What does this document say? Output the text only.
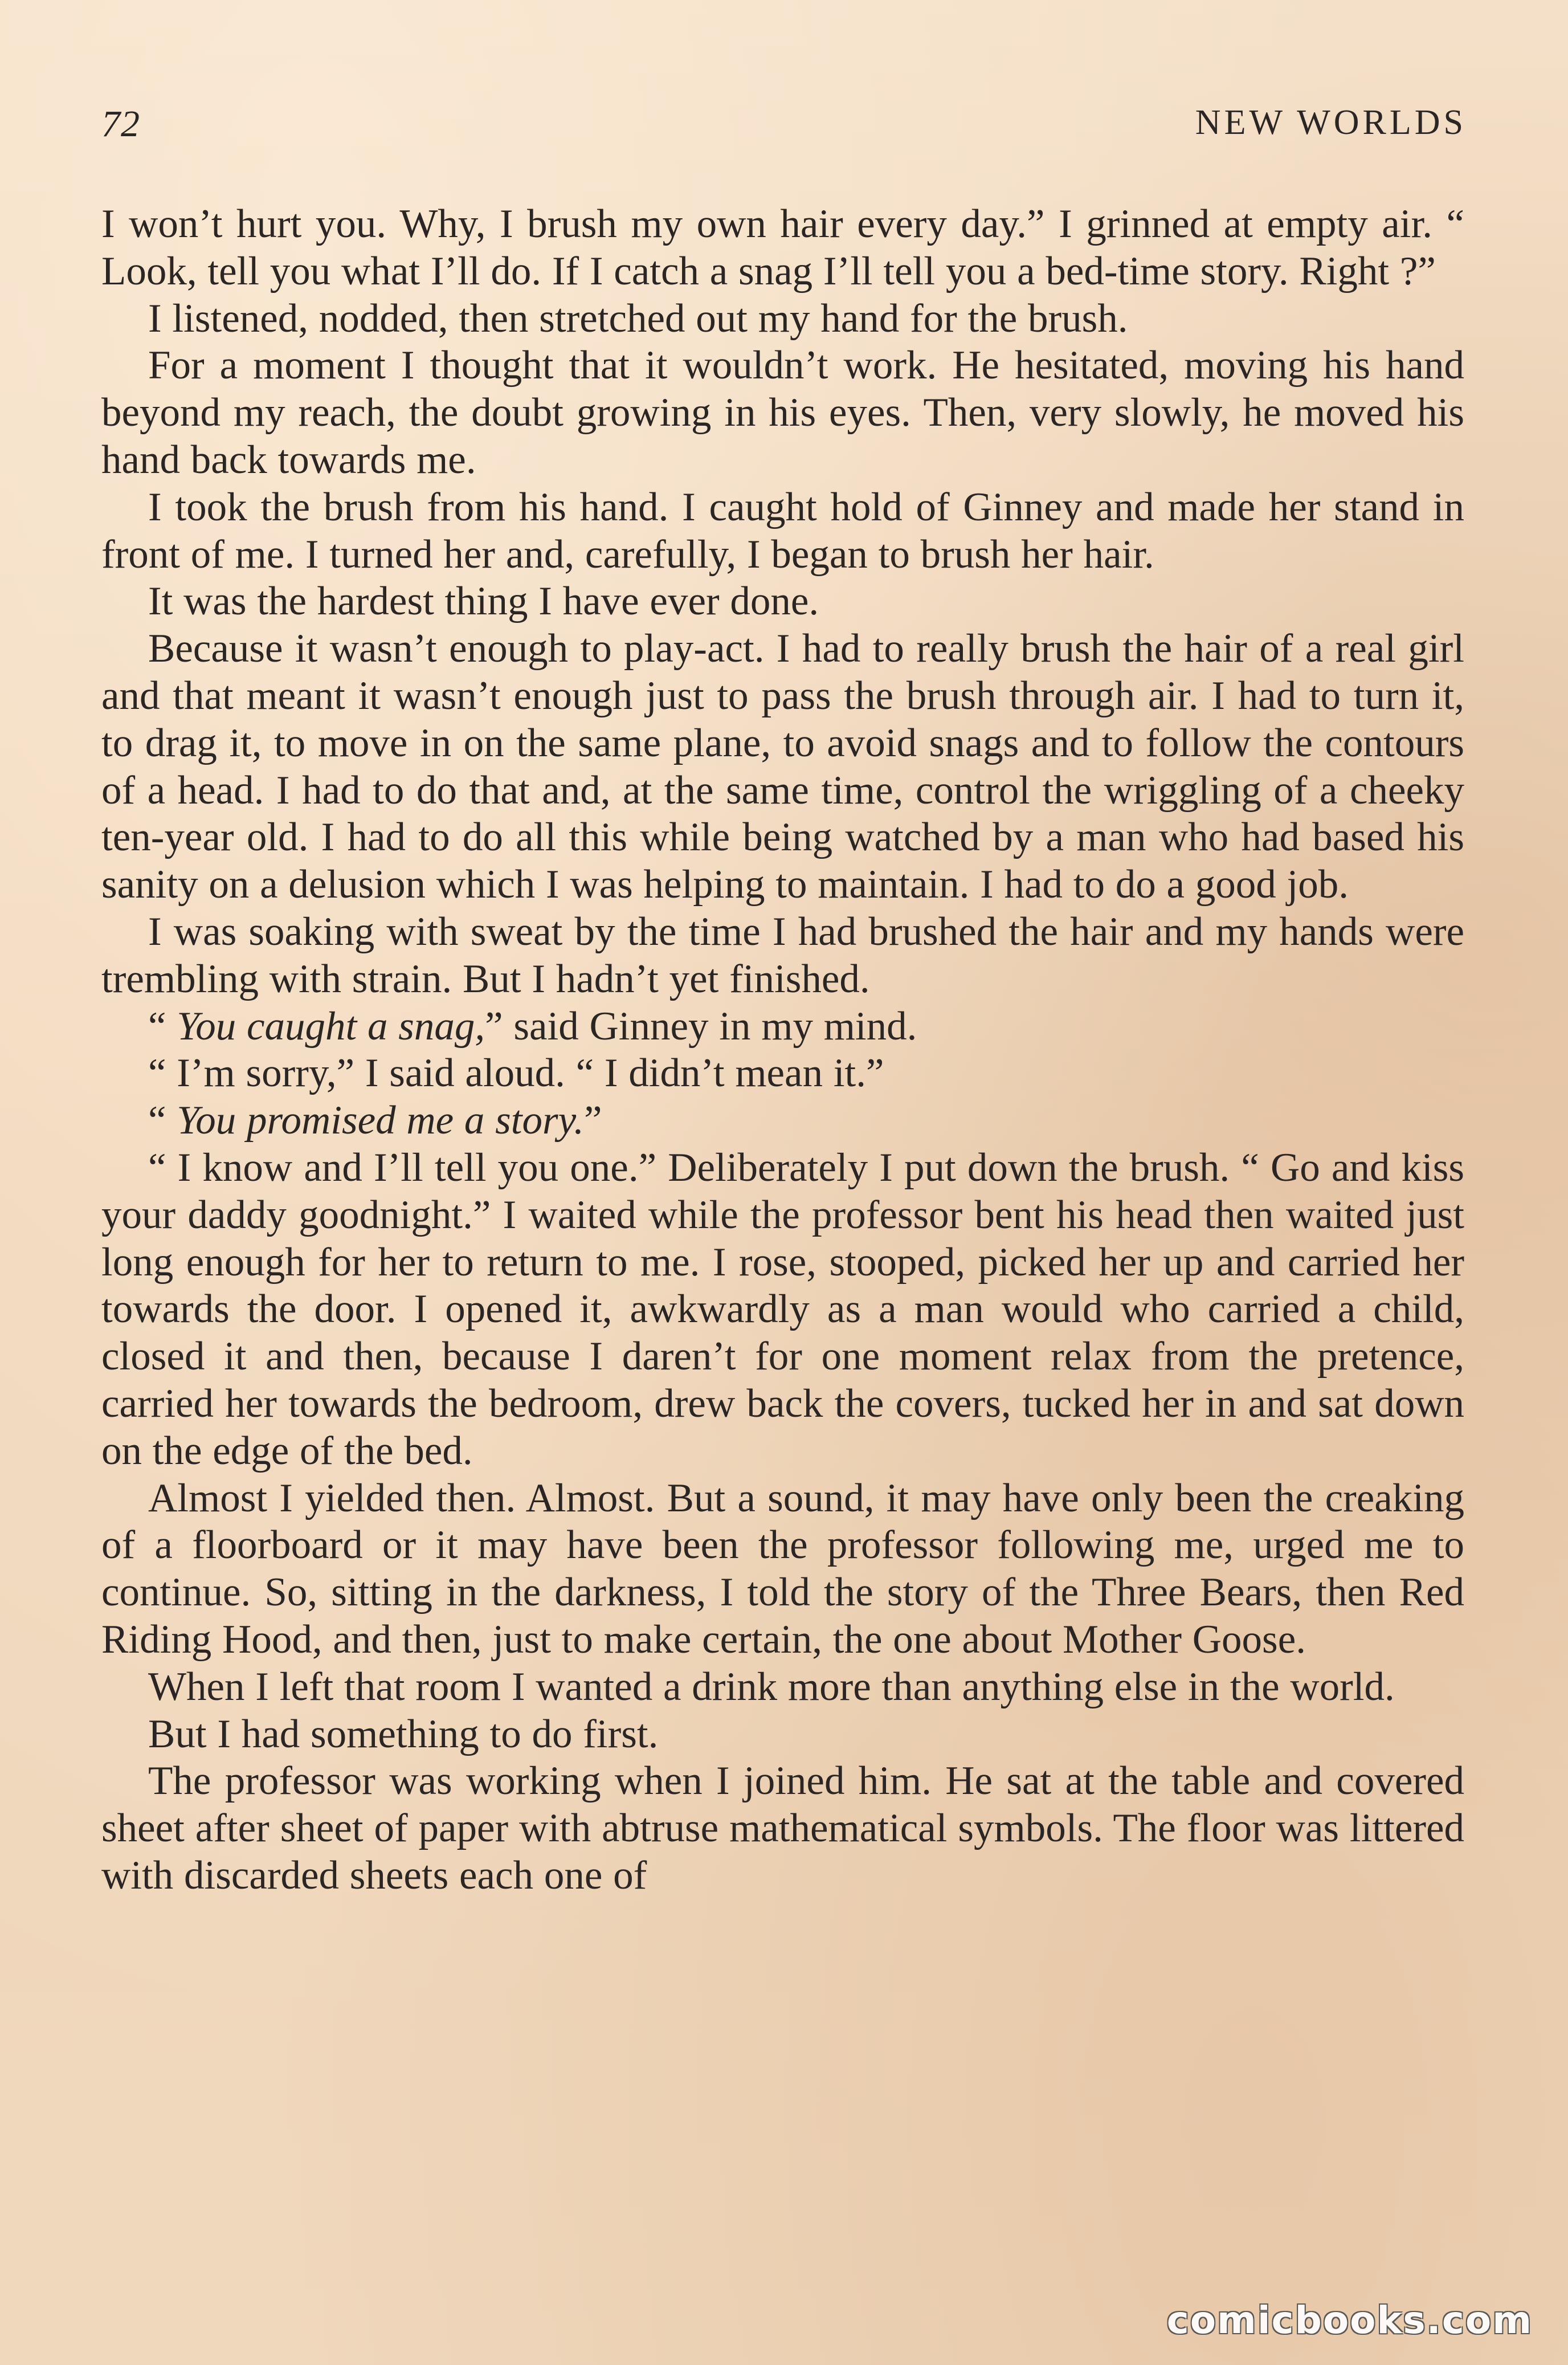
72	NEW WORLDS

I won’t hurt you. Why, I brush my own hair every day.” I grinned at empty air. “ Look, tell you what I’ll do. If I catch a snag I’ll tell you a bed-time story. Right ?”

I listened, nodded, then stretched out my hand for the brush.

For a moment I thought that it wouldn’t work. He hesitated, moving his hand beyond my reach, the doubt growing in his eyes. Then, very slowly, he moved his hand back towards me.

I took the brush from his hand. I caught hold of Ginney and made her stand in front of me. I turned her and, carefully, I began to brush her hair.

It was the hardest thing I have ever done.

Because it wasn’t enough to play-act. I had to really brush the hair of a real girl and that meant it wasn’t enough just to pass the brush through air. I had to turn it, to drag it, to move in on the same plane, to avoid snags and to follow the contours of a head. I had to do that and, at the same time, control the wriggling of a cheeky ten-year old. I had to do all this while being watched by a man who had based his sanity on a delusion which I was helping to maintain. I had to do a good job.

I was soaking with sweat by the time I had brushed the hair and my hands were trembling with strain. But I hadn’t yet finished.

“ You caught a snag,” said Ginney in my mind.

“ I’m sorry,” I said aloud. “ I didn’t mean it.”

“ You promised me a story.”

“ I know and I’ll tell you one.” Deliberately I put down the brush. “ Go and kiss your daddy goodnight.” I waited while the professor bent his head then waited just long enough for her to return to me. I rose, stooped, picked her up and carried her towards the door. I opened it, awkwardly as a man would who carried a child, closed it and then, because I daren’t for one moment relax from the pretence, carried her towards the bedroom, drew back the covers, tucked her in and sat down on the edge of the bed.

Almost I yielded then. Almost. But a sound, it may have only been the creaking of a floorboard or it may have been the professor following me, urged me to continue. So, sitting in the darkness, I told the story of the Three Bears, then Red Riding Hood, and then, just to make certain, the one about Mother Goose.

When I left that room I wanted a drink more than anything else in the world.

But I had something to do first.

The professor was working when I joined him. He sat at the table and covered sheet after sheet of paper with abtruse mathematical symbols. The floor was littered with discarded sheets each one of

comicbooks.com
